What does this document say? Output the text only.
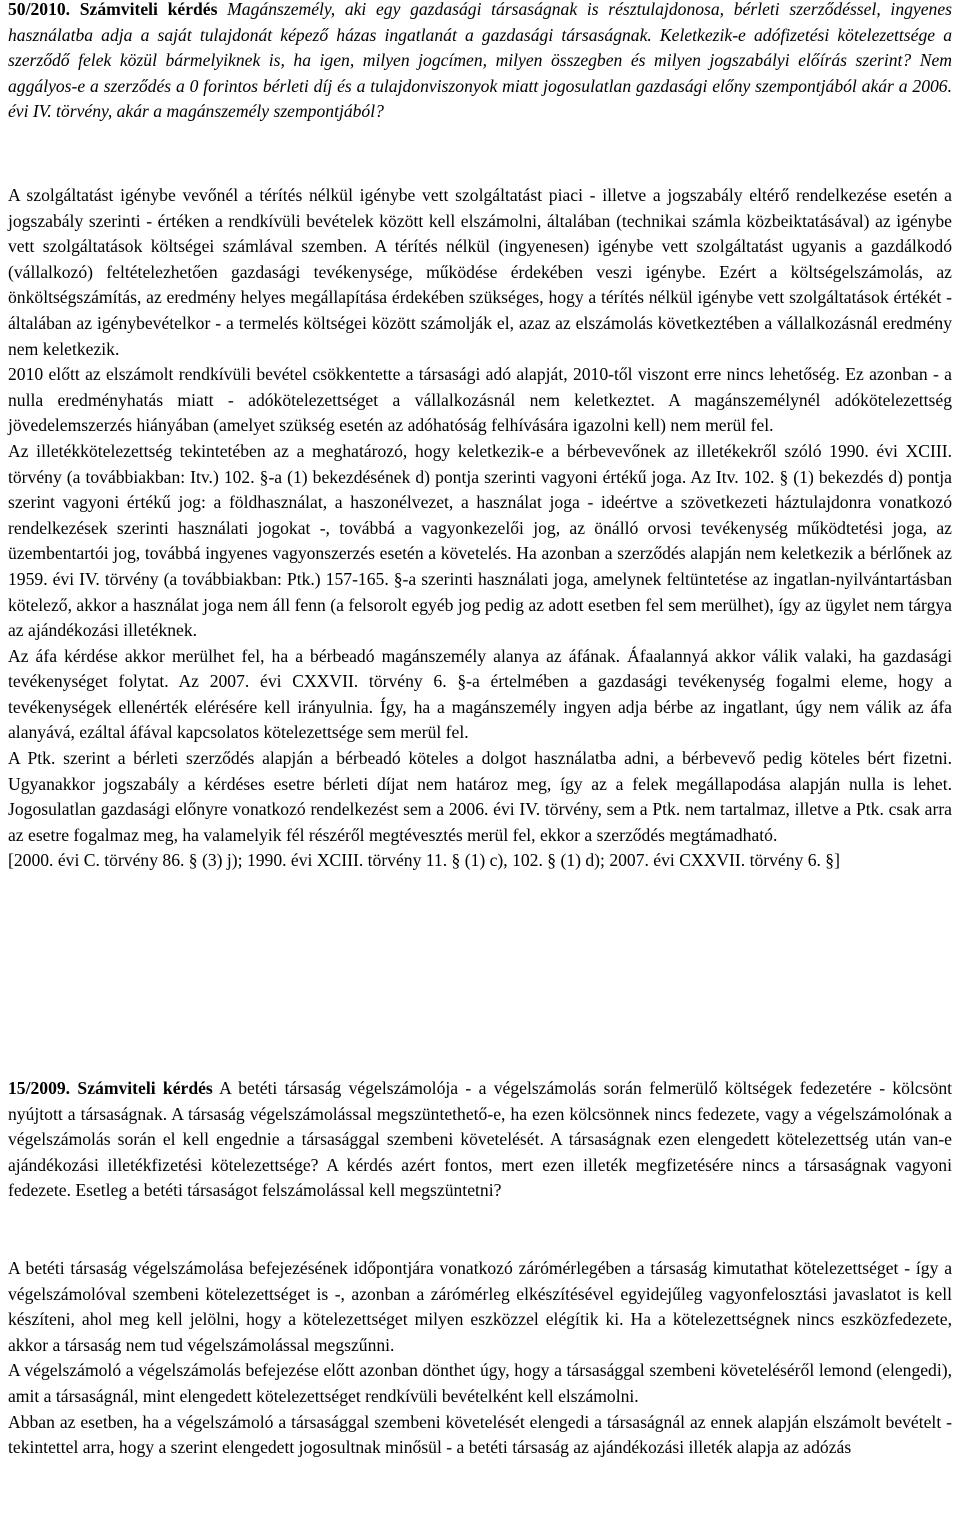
50/2010. Számviteli kérdés Magánszemély, aki egy gazdasági társaságnak is résztulajdonosa, bérleti szerződéssel, ingyenes használatba adja a saját tulajdonát képező házas ingatlanát a gazdasági társaságnak. Keletkezik-e adófizetési kötelezettsége a szerződő felek közül bármelyiknek is, ha igen, milyen jogcímen, milyen összegben és milyen jogszabályi előírás szerint? Nem aggályos-e a szerződés a 0 forintos bérleti díj és a tulajdonviszonyok miatt jogosulatlan gazdasági előny szempontjából akár a 2006. évi IV. törvény, akár a magánszemély szempontjából?

A szolgáltatást igénybe vevőnél a térítés nélkül igénybe vett szolgáltatást piaci - illetve a jogszabály eltérő rendelkezése esetén a jogszabály szerinti - értéken a rendkívüli bevételek között kell elszámolni, általában (technikai számla közbeiktatásával) az igénybe vett szolgáltatások költségei számlával szemben. A térítés nélkül (ingyenesen) igénybe vett szolgáltatást ugyanis a gazdálkodó (vállalkozó) feltételezhetően gazdasági tevékenysége, működése érdekében veszi igénybe. Ezért a költségelszámolás, az önköltségszámítás, az eredmény helyes megállapítása érdekében szükséges, hogy a térítés nélkül igénybe vett szolgáltatások értékét - általában az igénybevételkor - a termelés költségei között számolják el, azaz az elszámolás következtében a vállalkozásnál eredmény nem keletkezik.

2010 előtt az elszámolt rendkívüli bevétel csökkentette a társasági adó alapját, 2010-től viszont erre nincs lehetőség. Ez azonban - a nulla eredményhatás miatt - adókötelezettséget a vállalkozásnál nem keletkeztet. A magánszemélynél adókötelezettség jövedelemszerzés hiányában (amelyet szükség esetén az adóhatóság felhívására igazolni kell) nem merül fel.

Az illetékkötelezettség tekintetében az a meghatározó, hogy keletkezik-e a bérbevevőnek az illetékekről szóló 1990. évi XCIII. törvény (a továbbiakban: Itv.) 102. §-a (1) bekezdésének d) pontja szerinti vagyoni értékű joga. Az Itv. 102. § (1) bekezdés d) pontja szerint vagyoni értékű jog: a földhasználat, a haszonélvezet, a használat joga - ideértve a szövetkezeti háztulajdonra vonatkozó rendelkezések szerinti használati jogokat -, továbbá a vagyonkezelői jog, az önálló orvosi tevékenység működtetési joga, az üzembentartói jog, továbbá ingyenes vagyonszerzés esetén a követelés. Ha azonban a szerződés alapján nem keletkezik a bérlőnek az 1959. évi IV. törvény (a továbbiakban: Ptk.) 157-165. §-a szerinti használati joga, amelynek feltüntetése az ingatlan-nyilvántartásban kötelező, akkor a használat joga nem áll fenn (a felsorolt egyéb jog pedig az adott esetben fel sem merülhet), így az ügylet nem tárgya az ajándékozási illetéknek.

Az áfa kérdése akkor merülhet fel, ha a bérbeadó magánszemély alanya az áfának. Áfaalannyá akkor válik valaki, ha gazdasági tevékenységet folytat. Az 2007. évi CXXVII. törvény 6. §-a értelmében a gazdasági tevékenység fogalmi eleme, hogy a tevékenységek ellenérték elérésére kell irányulnia. Így, ha a magánszemély ingyen adja bérbe az ingatlant, úgy nem válik az áfa alanyává, ezáltal áfával kapcsolatos kötelezettsége sem merül fel.

A Ptk. szerint a bérleti szerződés alapján a bérbeadó köteles a dolgot használatba adni, a bérbevevő pedig köteles bért fizetni. Ugyanakkor jogszabály a kérdéses esetre bérleti díjat nem határoz meg, így az a felek megállapodása alapján nulla is lehet. Jogosulatlan gazdasági előnyre vonatkozó rendelkezést sem a 2006. évi IV. törvény, sem a Ptk. nem tartalmaz, illetve a Ptk. csak arra az esetre fogalmaz meg, ha valamelyik fél részéről megtévesztés merül fel, ekkor a szerződés megtámadható.

[2000. évi C. törvény 86. § (3) j); 1990. évi XCIII. törvény 11. § (1) c), 102. § (1) d); 2007. évi CXXVII. törvény 6. §]

15/2009. Számviteli kérdés A betéti társaság végelszámolója - a végelszámolás során felmerülő költségek fedezetére - kölcsönt nyújtott a társaságnak. A társaság végelszámolással megszüntethető-e, ha ezen kölcsönnek nincs fedezete, vagy a végelszámolónak a végelszámolás során el kell engednie a társasággal szembeni követelését. A társaságnak ezen elengedett kötelezettség után van-e ajándékozási illetékfizetési kötelezettsége? A kérdés azért fontos, mert ezen illeték megfizetésére nincs a társaságnak vagyoni fedezete. Esetleg a betéti társaságot felszámolással kell megszüntetni?

A betéti társaság végelszámolása befejezésének időpontjára vonatkozó zárómérlegében a társaság kimutathat kötelezettséget - így a végelszámolóval szembeni kötelezettséget is -, azonban a zárómérleg elkészítésével egyidejűleg vagyonfelosztási javaslatot is kell készíteni, ahol meg kell jelölni, hogy a kötelezettséget milyen eszközzel elégítik ki. Ha a kötelezettségnek nincs eszközfedezete, akkor a társaság nem tud végelszámolással megszűnni.

A végelszámoló a végelszámolás befejezése előtt azonban dönthet úgy, hogy a társasággal szembeni követeléséről lemond (elengedi), amit a társaságnál, mint elengedett kötelezettséget rendkívüli bevételként kell elszámolni.

Abban az esetben, ha a végelszámoló a társasággal szembeni követelését elengedi a társaságnál az ennek alapján elszámolt bevételt - tekintettel arra, hogy a szerint elengedett jogosultnak minősül - a betéti társaság az ajándékozási illeték alapja az adózás
